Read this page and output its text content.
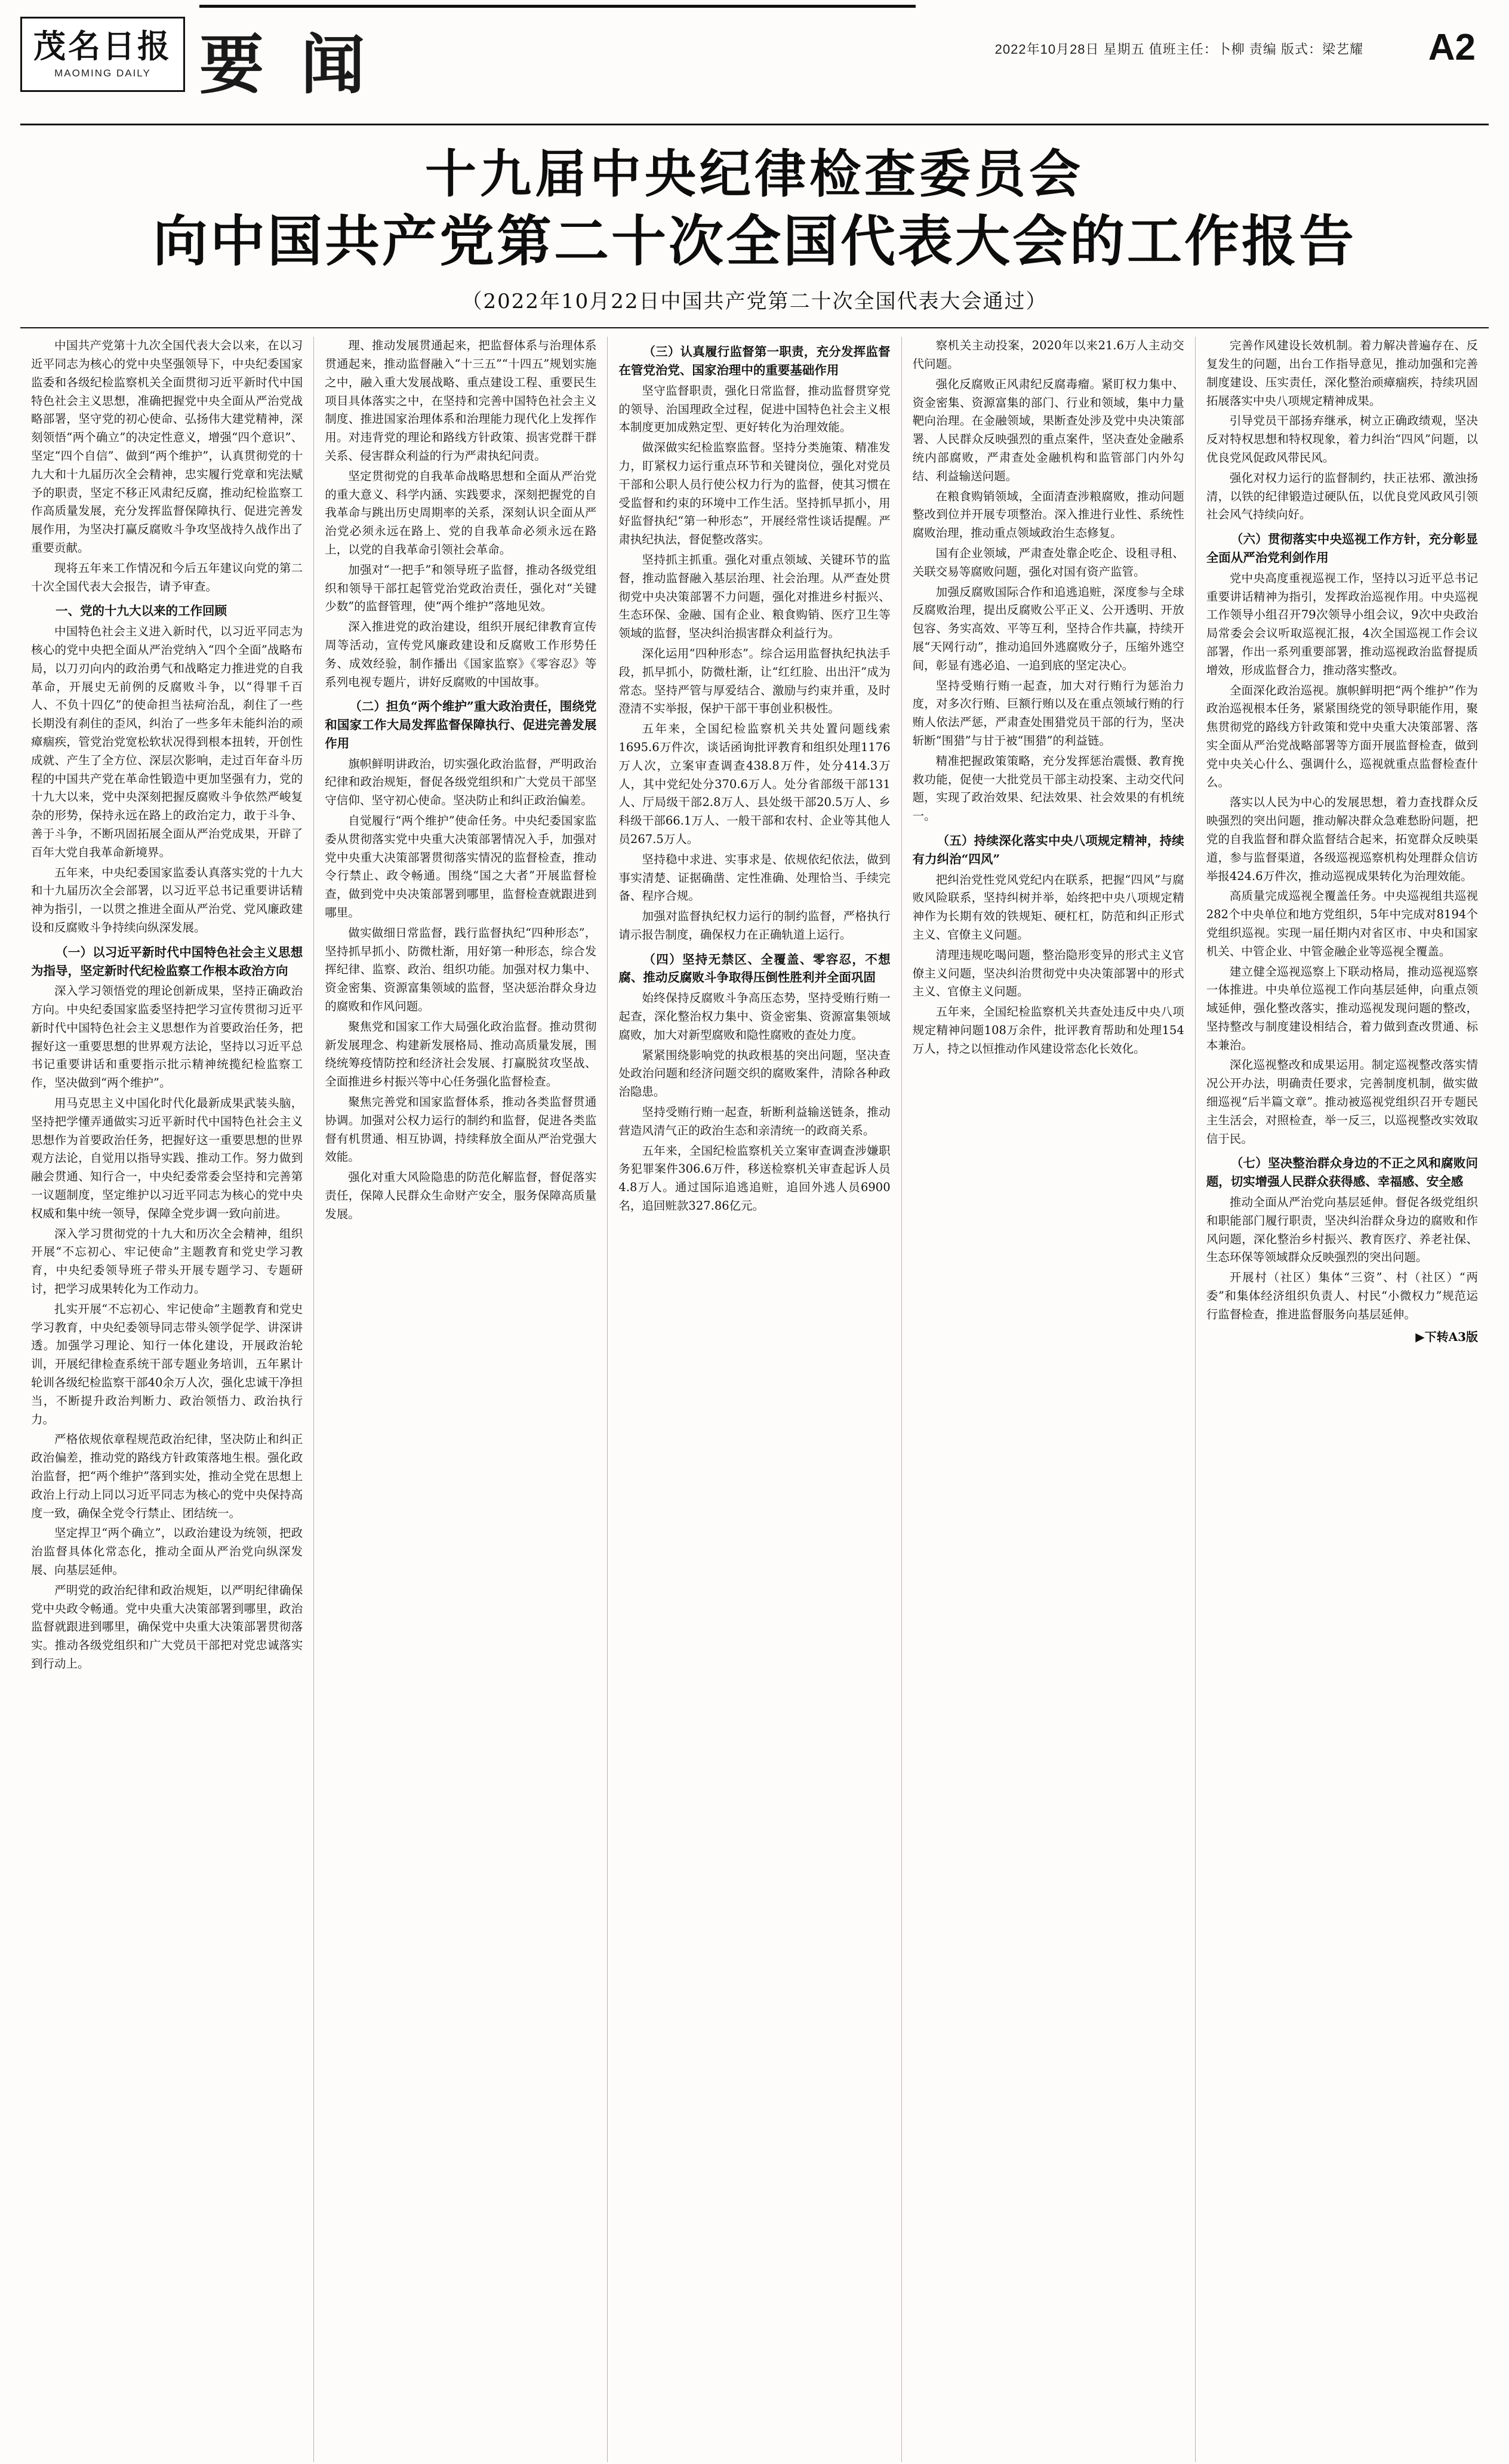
茂名日报
MAOMING DAILY 要 闻	2022年10月28日 星期五 值班主任：卜柳 责编 版式：梁艺耀 A2
十九届中央纪律检查委员会
向中国共产党第二十次全国代表大会的工作报告
（2022年10月22日中国共产党第二十次全国代表大会通过）

中国共产党第十九次全国代表大会以来，在以习近平同志为核心的党中央坚强领导下，中央纪委国家监委和各级纪检监察机关全面贯彻习近平新时代中国特色社会主义思想，准确把握党中央全面从严治党战略部署，坚守党的初心使命、弘扬伟大建党精神，深刻领悟“两个确立”的决定性意义，增强“四个意识”、坚定“四个自信”、做到“两个维护”，认真贯彻党的十九大和十九届历次全会精神，忠实履行党章和宪法赋予的职责，坚定不移正风肃纪反腐，推动纪检监察工作高质量发展，充分发挥监督保障执行、促进完善发展作用，为坚决打赢反腐败斗争攻坚战持久战作出了重要贡献。

现将五年来工作情况和今后五年建议向党的第二十次全国代表大会报告，请予审查。

一、党的十九大以来的工作回顾

中国特色社会主义进入新时代，以习近平同志为核心的党中央把全面从严治党纳入“四个全面”战略布局，以刀刃向内的政治勇气和战略定力推进党的自我革命，开展史无前例的反腐败斗争，以“得罪千百人、不负十四亿”的使命担当祛疴治乱，刹住了一些长期没有刹住的歪风，纠治了一些多年未能纠治的顽瘴痼疾，管党治党宽松软状况得到根本扭转，开创性成就、产生了全方位、深层次影响，走过百年奋斗历程的中国共产党在革命性锻造中更加坚强有力，党的十九大以来，党中央深刻把握反腐败斗争依然严峻复杂的形势，保持永远在路上的政治定力，敢于斗争、善于斗争，不断巩固拓展全面从严治党成果，开辟了百年大党自我革命新境界。

五年来，中央纪委国家监委认真落实党的十九大和十九届历次全会部署，以习近平总书记重要讲话精神为指引，一以贯之推进全面从严治党、党风廉政建设和反腐败斗争持续向纵深发展。

（一）以习近平新时代中国特色社会主义思想为指导，坚定新时代纪检监察工作根本政治方向

深入学习领悟党的理论创新成果，坚持正确政治方向。中央纪委国家监委坚持把学习宣传贯彻习近平新时代中国特色社会主义思想作为首要政治任务，把握好这一重要思想的世界观方法论，坚持以习近平总书记重要讲话和重要指示批示精神统揽纪检监察工作，坚决做到“两个维护”。

用马克思主义中国化时代化最新成果武装头脑，坚持把学懂弄通做实习近平新时代中国特色社会主义思想作为首要政治任务，把握好这一重要思想的世界观方法论，自觉用以指导实践、推动工作。努力做到融会贯通、知行合一，中央纪委常委会坚持和完善第一议题制度，坚定维护以习近平同志为核心的党中央权威和集中统一领导，保障全党步调一致向前进。

深入学习贯彻党的十九大和历次全会精神，组织开展“不忘初心、牢记使命”主题教育和党史学习教育，中央纪委领导班子带头开展专题学习、专题研讨，把学习成果转化为工作动力。

扎实开展“不忘初心、牢记使命”主题教育和党史学习教育，中央纪委领导同志带头领学促学、讲深讲透。加强学习理论、知行一体化建设，开展政治轮训，开展纪律检查系统干部专题业务培训，五年累计轮训各级纪检监察干部40余万人次，强化忠诚干净担当，不断提升政治判断力、政治领悟力、政治执行力。

严格依规依章程规范政治纪律，坚决防止和纠正政治偏差，推动党的路线方针政策落地生根。强化政治监督，把“两个维护”落到实处，推动全党在思想上政治上行动上同以习近平同志为核心的党中央保持高度一致，确保全党令行禁止、团结统一。

坚定捍卫“两个确立”，以政治建设为统领，把政治监督具体化常态化，推动全面从严治党向纵深发展、向基层延伸。

严明党的政治纪律和政治规矩，以严明纪律确保党中央政令畅通。党中央重大决策部署到哪里，政治监督就跟进到哪里，确保党中央重大决策部署贯彻落实。推动各级党组织和广大党员干部把对党忠诚落实到行动上。

理、推动发展贯通起来，把监督体系与治理体系贯通起来，推动监督融入“十三五”“十四五”规划实施之中，融入重大发展战略、重点建设工程、重要民生项目具体落实之中，在坚持和完善中国特色社会主义制度、推进国家治理体系和治理能力现代化上发挥作用。对违背党的理论和路线方针政策、损害党群干群关系、侵害群众利益的行为严肃执纪问责。

坚定贯彻党的自我革命战略思想和全面从严治党的重大意义、科学内涵、实践要求，深刻把握党的自我革命与跳出历史周期率的关系，深刻认识全面从严治党必须永远在路上、党的自我革命必须永远在路上，以党的自我革命引领社会革命。

加强对“一把手”和领导班子监督，推动各级党组织和领导干部扛起管党治党政治责任，强化对“关键少数”的监督管理，使“两个维护”落地见效。

深入推进党的政治建设，组织开展纪律教育宣传周等活动，宣传党风廉政建设和反腐败工作形势任务、成效经验，制作播出《国家监察》《零容忍》等系列电视专题片，讲好反腐败的中国故事。

（二）担负“两个维护”重大政治责任，围绕党和国家工作大局发挥监督保障执行、促进完善发展作用

旗帜鲜明讲政治，切实强化政治监督，严明政治纪律和政治规矩，督促各级党组织和广大党员干部坚守信仰、坚守初心使命。坚决防止和纠正政治偏差。

自觉履行“两个维护”使命任务。中央纪委国家监委从贯彻落实党中央重大决策部署情况入手，加强对党中央重大决策部署贯彻落实情况的监督检查，推动令行禁止、政令畅通。围绕“国之大者”开展监督检查，做到党中央决策部署到哪里，监督检查就跟进到哪里。

做实做细日常监督，践行监督执纪“四种形态”，坚持抓早抓小、防微杜渐，用好第一种形态，综合发挥纪律、监察、政治、组织功能。加强对权力集中、资金密集、资源富集领域的监督，坚决惩治群众身边的腐败和作风问题。

聚焦党和国家工作大局强化政治监督。推动贯彻新发展理念、构建新发展格局、推动高质量发展，围绕统筹疫情防控和经济社会发展、打赢脱贫攻坚战、全面推进乡村振兴等中心任务强化监督检查。

聚焦完善党和国家监督体系，推动各类监督贯通协调。加强对公权力运行的制约和监督，促进各类监督有机贯通、相互协调，持续释放全面从严治党强大效能。

强化对重大风险隐患的防范化解监督，督促落实责任，保障人民群众生命财产安全，服务保障高质量发展。

（三）认真履行监督第一职责，充分发挥监督在管党治党、国家治理中的重要基础作用

坚守监督职责，强化日常监督，推动监督贯穿党的领导、治国理政全过程，促进中国特色社会主义根本制度更加成熟定型、更好转化为治理效能。

做深做实纪检监察监督。坚持分类施策、精准发力，盯紧权力运行重点环节和关键岗位，强化对党员干部和公职人员行使公权力行为的监督，使其习惯在受监督和约束的环境中工作生活。坚持抓早抓小，用好监督执纪“第一种形态”，开展经常性谈话提醒。严肃执纪执法，督促整改落实。

坚持抓主抓重。强化对重点领域、关键环节的监督，推动监督融入基层治理、社会治理。从严查处贯彻党中央决策部署不力问题，强化对推进乡村振兴、生态环保、金融、国有企业、粮食购销、医疗卫生等领域的监督，坚决纠治损害群众利益行为。

深化运用“四种形态”。综合运用监督执纪执法手段，抓早抓小，防微杜渐，让“红红脸、出出汗”成为常态。坚持严管与厚爱结合、激励与约束并重，及时澄清不实举报，保护干部干事创业积极性。

五年来，全国纪检监察机关共处置问题线索1695.6万件次，谈话函询批评教育和组织处理1176万人次，立案审查调查438.8万件，处分414.3万人，其中党纪处分370.6万人。处分省部级干部131人、厅局级干部2.8万人、县处级干部20.5万人、乡科级干部66.1万人、一般干部和农村、企业等其他人员267.5万人。

坚持稳中求进、实事求是、依规依纪依法，做到事实清楚、证据确凿、定性准确、处理恰当、手续完备、程序合规。

加强对监督执纪权力运行的制约监督，严格执行请示报告制度，确保权力在正确轨道上运行。

（四）坚持无禁区、全覆盖、零容忍，不想腐、推动反腐败斗争取得压倒性胜利并全面巩固

始终保持反腐败斗争高压态势，坚持受贿行贿一起查，深化整治权力集中、资金密集、资源富集领域腐败，加大对新型腐败和隐性腐败的查处力度。

紧紧围绕影响党的执政根基的突出问题，坚决查处政治问题和经济问题交织的腐败案件，清除各种政治隐患。

坚持受贿行贿一起查，斩断利益输送链条，推动营造风清气正的政治生态和亲清统一的政商关系。

五年来，全国纪检监察机关立案审查调查涉嫌职务犯罪案件306.6万件，移送检察机关审查起诉人员4.8万人。通过国际追逃追赃，追回外逃人员6900名，追回赃款327.86亿元。

察机关主动投案，2020年以来21.6万人主动交代问题。

强化反腐败正风肃纪反腐毒瘤。紧盯权力集中、资金密集、资源富集的部门、行业和领域，集中力量靶向治理。在金融领域，果断查处涉及党中央决策部署、人民群众反映强烈的重点案件，坚决查处金融系统内部腐败，严肃查处金融机构和监管部门内外勾结、利益输送问题。

在粮食购销领域，全面清查涉粮腐败，推动问题整改到位并开展专项整治。深入推进行业性、系统性腐败治理，推动重点领域政治生态修复。

国有企业领域，严肃查处靠企吃企、设租寻租、关联交易等腐败问题，强化对国有资产监管。

加强反腐败国际合作和追逃追赃，深度参与全球反腐败治理，提出反腐败公平正义、公开透明、开放包容、务实高效、平等互利，坚持合作共赢，持续开展“天网行动”，推动追回外逃腐败分子，压缩外逃空间，彰显有逃必追、一追到底的坚定决心。

坚持受贿行贿一起查，加大对行贿行为惩治力度，对多次行贿、巨额行贿以及在重点领域行贿的行贿人依法严惩，严肃查处围猎党员干部的行为，坚决斩断“围猎”与甘于被“围猎”的利益链。

精准把握政策策略，充分发挥惩治震慑、教育挽救功能，促使一大批党员干部主动投案、主动交代问题，实现了政治效果、纪法效果、社会效果的有机统一。

（五）持续深化落实中央八项规定精神，持续有力纠治“四风”

把纠治党性党风党纪内在联系，把握“四风”与腐败风险联系，坚持纠树并举，始终把中央八项规定精神作为长期有效的铁规矩、硬杠杠，防范和纠正形式主义、官僚主义问题。

清理违规吃喝问题，整治隐形变异的形式主义官僚主义问题，坚决纠治贯彻党中央决策部署中的形式主义、官僚主义问题。

五年来，全国纪检监察机关共查处违反中央八项规定精神问题108万余件，批评教育帮助和处理154万人，持之以恒推动作风建设常态化长效化。

完善作风建设长效机制。着力解决普遍存在、反复发生的问题，出台工作指导意见，推动加强和完善制度建设、压实责任，深化整治顽瘴痼疾，持续巩固拓展落实中央八项规定精神成果。

引导党员干部扬弃继承，树立正确政绩观，坚决反对特权思想和特权现象，着力纠治“四风”问题，以优良党风促政风带民风。

强化对权力运行的监督制约，扶正祛邪、激浊扬清，以铁的纪律锻造过硬队伍，以优良党风政风引领社会风气持续向好。

（六）贯彻落实中央巡视工作方针，充分彰显全面从严治党利剑作用

党中央高度重视巡视工作，坚持以习近平总书记重要讲话精神为指引，发挥政治巡视作用。中央巡视工作领导小组召开79次领导小组会议，9次中央政治局常委会会议听取巡视汇报，4次全国巡视工作会议部署，作出一系列重要部署，推动巡视政治监督提质增效，形成监督合力，推动落实整改。

全面深化政治巡视。旗帜鲜明把“两个维护”作为政治巡视根本任务，紧紧围绕党的领导职能作用，聚焦贯彻党的路线方针政策和党中央重大决策部署、落实全面从严治党战略部署等方面开展监督检查，做到党中央关心什么、强调什么，巡视就重点监督检查什么。

落实以人民为中心的发展思想，着力查找群众反映强烈的突出问题，推动解决群众急难愁盼问题，把党的自我监督和群众监督结合起来，拓宽群众反映渠道，参与监督渠道，各级巡视巡察机构处理群众信访举报424.6万件次，推动巡视成果转化为治理效能。

高质量完成巡视全覆盖任务。中央巡视组共巡视282个中央单位和地方党组织，5年中完成对8194个党组织巡视。实现一届任期内对省区市、中央和国家机关、中管企业、中管金融企业等巡视全覆盖。

建立健全巡视巡察上下联动格局，推动巡视巡察一体推进。中央单位巡视工作向基层延伸，向重点领域延伸，强化整改落实，推动巡视发现问题的整改，坚持整改与制度建设相结合，着力做到查改贯通、标本兼治。

深化巡视整改和成果运用。制定巡视整改落实情况公开办法，明确责任要求，完善制度机制，做实做细巡视“后半篇文章”。推动被巡视党组织召开专题民主生活会，对照检查，举一反三，以巡视整改实效取信于民。

（七）坚决整治群众身边的不正之风和腐败问题，切实增强人民群众获得感、幸福感、安全感

推动全面从严治党向基层延伸。督促各级党组织和职能部门履行职责，坚决纠治群众身边的腐败和作风问题，深化整治乡村振兴、教育医疗、养老社保、生态环保等领域群众反映强烈的突出问题。

开展村（社区）集体“三资”、村（社区）“两委”和集体经济组织负责人、村民“小微权力”规范运行监督检查，推进监督服务向基层延伸。

▶下转A3版
